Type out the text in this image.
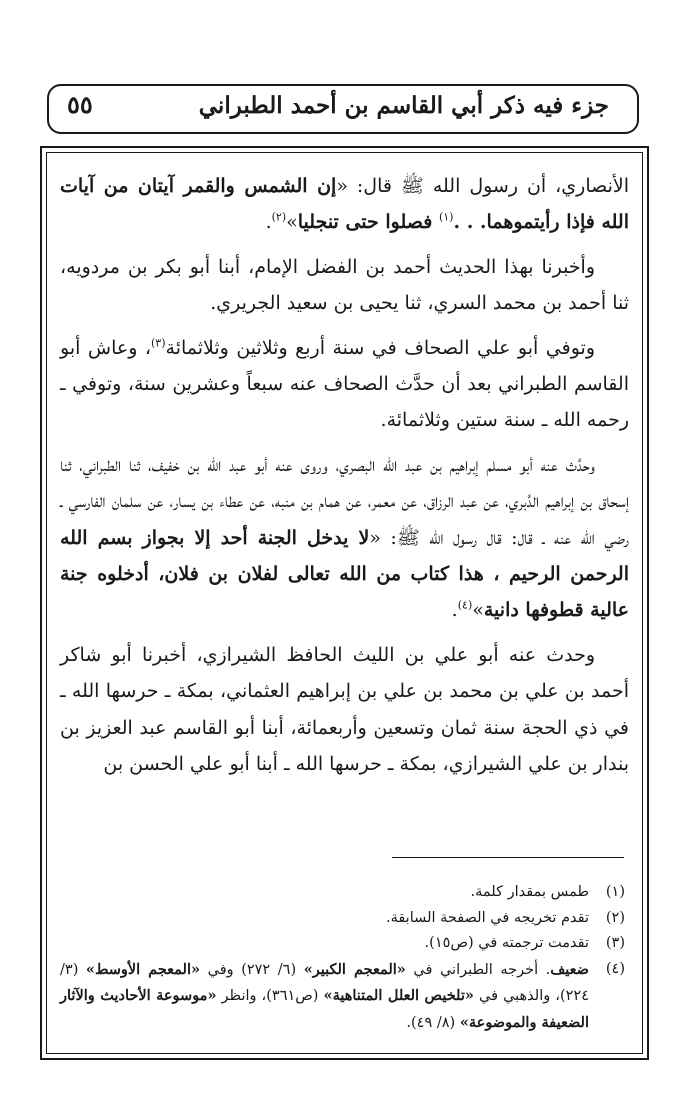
جزء فيه ذكر أبي القاسم بن أحمد الطبراني
٥٥

الأنصاري، أن رسول الله ﷺ قال: «إن الشمس والقمر آيتان من آيات الله فإذا رأيتموهما. . .$^{(١)}$ فصلوا حتى تنجليا»$^{(٢)}$.

وأخبرنا بهذا الحديث أحمد بن الفضل الإمام، أبنا أبو بكر بن مردويه، ثنا أحمد بن محمد السري، ثنا يحيى بن سعيد الجريري.

وتوفي أبو علي الصحاف في سنة أربع وثلاثين وثلاثمائة$^{(٣)}$، وعاش أبو القاسم الطبراني بعد أن حدَّث الصحاف عنه سبعاً وعشرين سنة، وتوفي ـ رحمه الله ـ سنة ستين وثلاثمائة.

وحدَّث عنه أبو مسلم إبراهيم بن عبد الله البصري، وروى عنه أبو عبد الله بن خفيف، ثنا الطبراني، ثنا إسحاق بن إبراهيم الدَّبري، عن عبد الرزاق، عن معمر، عن همام بن منبه، عن عطاء بن يسار، عن سلمان الفارسي ـ رضي الله عنه ـ قال: قال رسول الله ﷺ: «لا يدخل الجنة أحد إلا بجواز بسم الله الرحمن الرحيم ، هذا كتاب من الله تعالى لفلان بن فلان، أدخلوه جنة عالية قطوفها دانية»$^{(٤)}$.

وحدث عنه أبو علي بن الليث الحافظ الشيرازي، أخبرنا أبو شاكر أحمد بن علي بن محمد بن علي بن إبراهيم العثماني، بمكة ـ حرسها الله ـ في ذي الحجة سنة ثمان وتسعين وأربعمائة، أبنا أبو القاسم عبد العزيز بن بندار بن علي الشيرازي، بمكة ـ حرسها الله ـ أبنا أبو علي الحسن بن

(١)
طمس بمقدار كلمة.
(٢)
تقدم تخريجه في الصفحة السابقة.
(٣)
تقدمت ترجمته في (ص١٥).
(٤)
ضعيف. أخرجه الطبراني في «المعجم الكبير» (٦/ ٢٧٢) وفي «المعجم الأوسط» (٣/ ٢٢٤)، والذهبي في «تلخيص العلل المتناهية» (ص٣٦١)، وانظر «موسوعة الأحاديث والآثار الضعيفة والموضوعة» (٨/ ٤٩).
